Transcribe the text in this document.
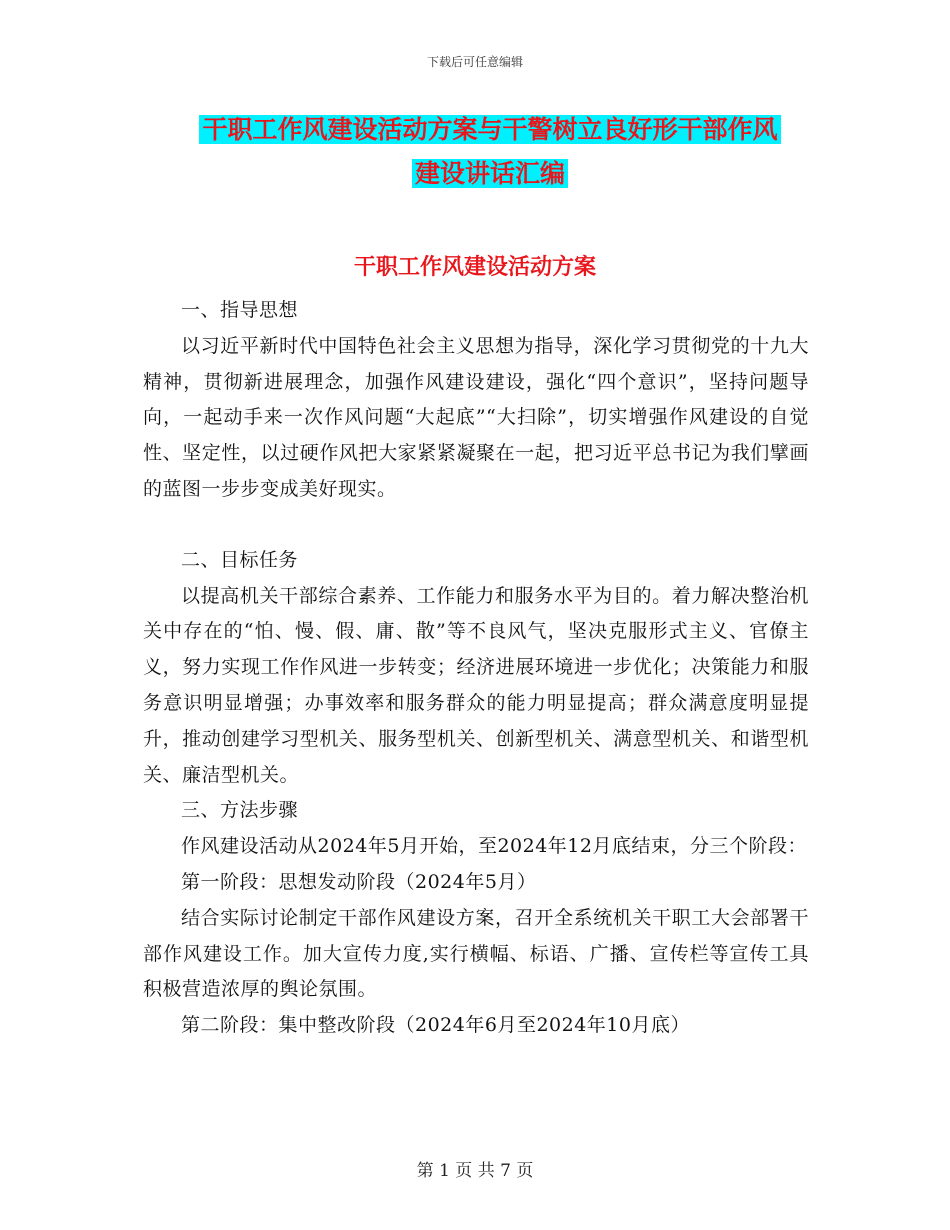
下载后可任意编辑
干职工作风建设活动方案与干警树立良好形干部作风
建设讲话汇编
干职工作风建设活动方案

一、指导思想

以习近平新时代中国特色社会主义思想为指导，深化学习贯彻党的十九大精神，贯彻新进展理念，加强作风建设建设，强化“四个意识”，坚持问题导向，一起动手来一次作风问题“大起底”“大扫除”，切实增强作风建设的自觉性、坚定性，以过硬作风把大家紧紧凝聚在一起，把习近平总书记为我们擘画的蓝图一步步变成美好现实。

二、目标任务

以提高机关干部综合素养、工作能力和服务水平为目的。着力解决整治机关中存在的“怕、慢、假、庸、散”等不良风气，坚决克服形式主义、官僚主义，努力实现工作作风进一步转变；经济进展环境进一步优化；决策能力和服务意识明显增强；办事效率和服务群众的能力明显提高；群众满意度明显提升，推动创建学习型机关、服务型机关、创新型机关、满意型机关、和谐型机关、廉洁型机关。

三、方法步骤

作风建设活动从2024年5月开始，至2024年12月底结束，分三个阶段：

第一阶段：思想发动阶段（2024年5月）

结合实际讨论制定干部作风建设方案，召开全系统机关干职工大会部署干部作风建设工作。加大宣传力度,实行横幅、标语、广播、宣传栏等宣传工具积极营造浓厚的舆论氛围。

第二阶段：集中整改阶段（2024年6月至2024年10月底）

第 1 页 共 7 页
